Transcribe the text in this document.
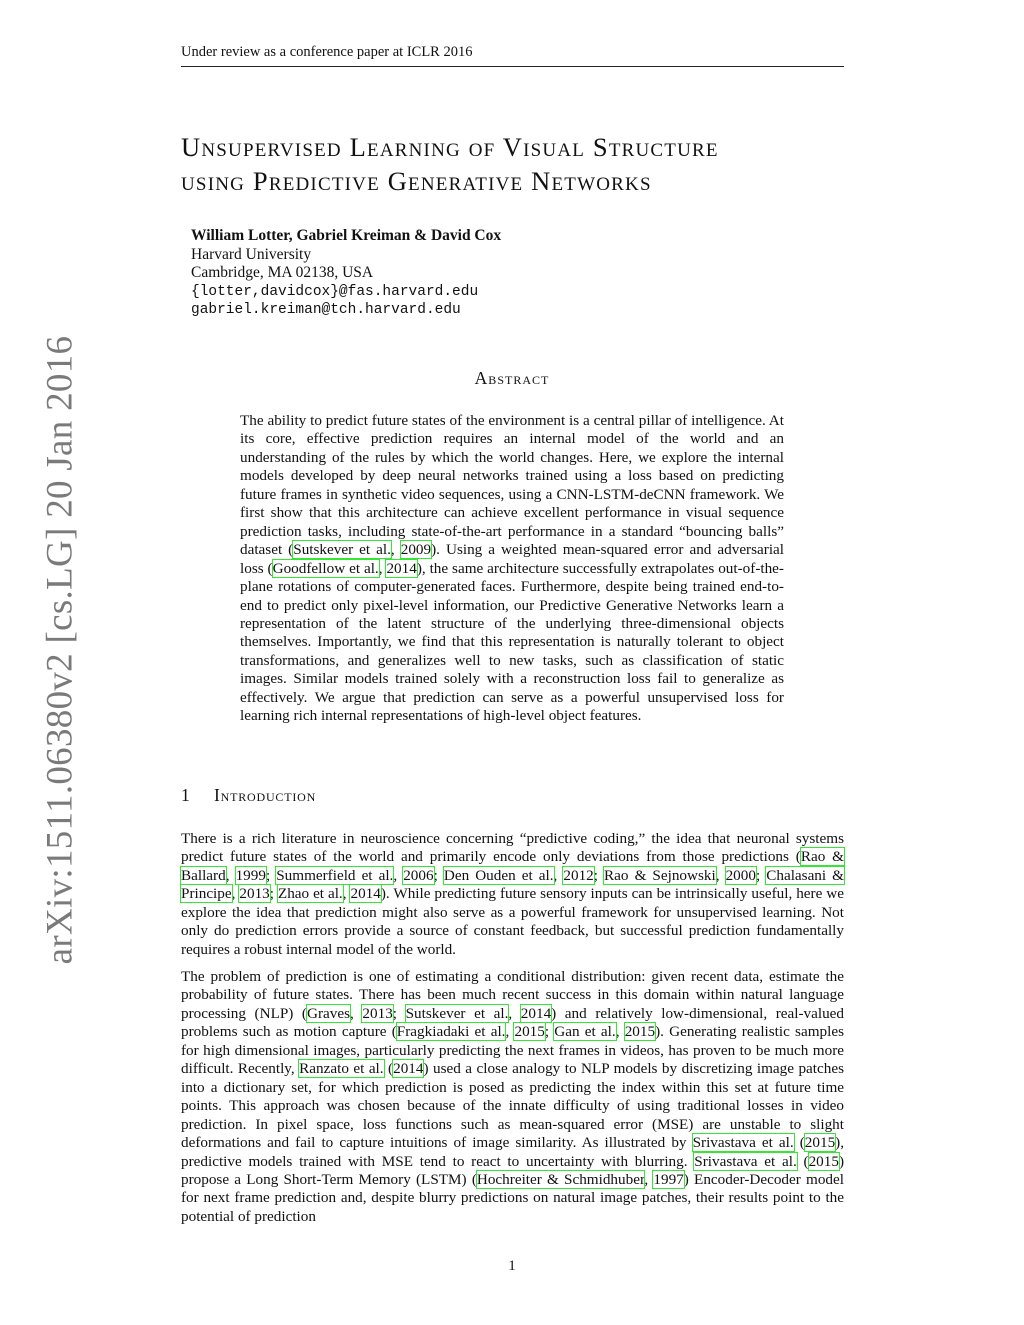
Under review as a conference paper at ICLR 2016
arXiv:1511.06380v2 [cs.LG] 20 Jan 2016
Unsupervised Learning of Visual Structure
using Predictive Generative Networks
William Lotter, Gabriel Kreiman & David Cox
Harvard University
Cambridge, MA 02138, USA
{lotter,davidcox}@fas.harvard.edu
gabriel.kreiman@tch.harvard.edu
Abstract
The ability to predict future states of the environment is a central pillar of intelligence. At its core, effective prediction requires an internal model of the world and an understanding of the rules by which the world changes. Here, we explore the internal models developed by deep neural networks trained using a loss based on predicting future frames in synthetic video sequences, using a CNN-LSTM-deCNN framework. We first show that this architecture can achieve excellent performance in visual sequence prediction tasks, including state-of-the-art performance in a standard “bouncing balls” dataset (Sutskever et al., 2009). Using a weighted mean-squared error and adversarial loss (Goodfellow et al., 2014), the same architecture successfully extrapolates out-of-the-plane rotations of computer-generated faces. Furthermore, despite being trained end-to-end to predict only pixel-level information, our Predictive Generative Networks learn a representation of the latent structure of the underlying three-dimensional objects themselves. Importantly, we find that this representation is naturally tolerant to object transformations, and generalizes well to new tasks, such as classification of static images. Similar models trained solely with a reconstruction loss fail to generalize as effectively. We argue that prediction can serve as a powerful unsupervised loss for learning rich internal representations of high-level object features.
1 Introduction
There is a rich literature in neuroscience concerning “predictive coding,” the idea that neuronal systems predict future states of the world and primarily encode only deviations from those predictions (Rao & Ballard, 1999; Summerfield et al., 2006; Den Ouden et al., 2012; Rao & Sejnowski, 2000; Chalasani & Principe, 2013; Zhao et al., 2014). While predicting future sensory inputs can be intrinsically useful, here we explore the idea that prediction might also serve as a powerful framework for unsupervised learning. Not only do prediction errors provide a source of constant feedback, but successful prediction fundamentally requires a robust internal model of the world.
The problem of prediction is one of estimating a conditional distribution: given recent data, estimate the probability of future states. There has been much recent success in this domain within natural language processing (NLP) (Graves, 2013; Sutskever et al., 2014) and relatively low-dimensional, real-valued problems such as motion capture (Fragkiadaki et al., 2015; Gan et al., 2015). Generating realistic samples for high dimensional images, particularly predicting the next frames in videos, has proven to be much more difficult. Recently, Ranzato et al. (2014) used a close analogy to NLP models by discretizing image patches into a dictionary set, for which prediction is posed as predicting the index within this set at future time points. This approach was chosen because of the innate difficulty of using traditional losses in video prediction. In pixel space, loss functions such as mean-squared error (MSE) are unstable to slight deformations and fail to capture intuitions of image similarity. As illustrated by Srivastava et al. (2015), predictive models trained with MSE tend to react to uncertainty with blurring. Srivastava et al. (2015) propose a Long Short-Term Memory (LSTM) (Hochreiter & Schmidhuber, 1997) Encoder-Decoder model for next frame prediction and, despite blurry predictions on natural image patches, their results point to the potential of prediction
1
